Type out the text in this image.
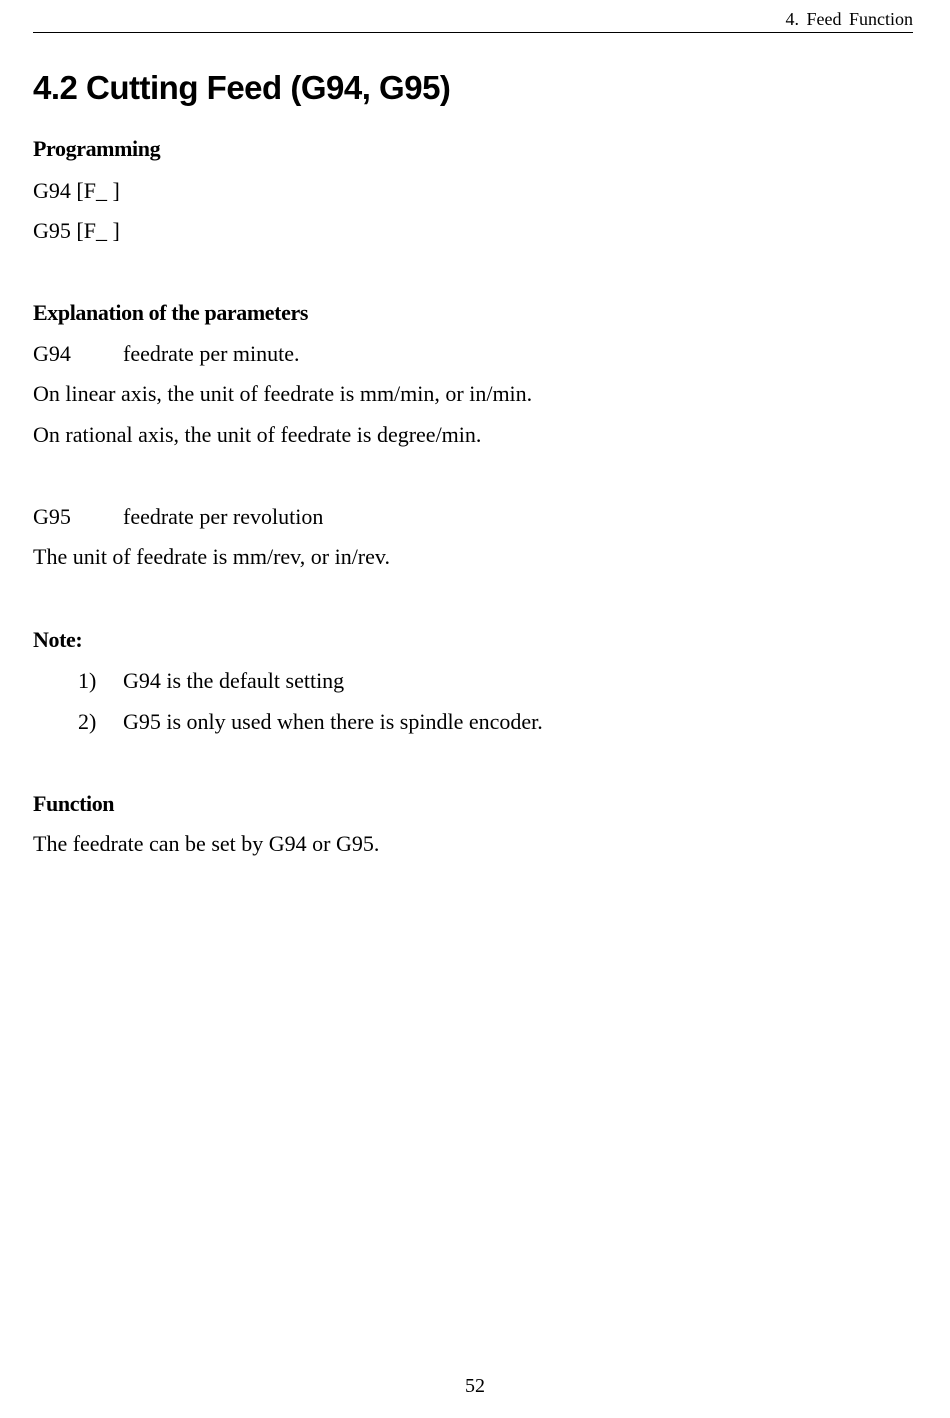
4. Feed Function
4.2 Cutting Feed (G94, G95)
Programming
G94 [F_ ]
G95 [F_ ]
Explanation of the parameters
G94 feedrate per minute.
On linear axis, the unit of feedrate is mm/min, or in/min.
On rational axis, the unit of feedrate is degree/min.
G95 feedrate per revolution
The unit of feedrate is mm/rev, or in/rev.
Note:
1) G94 is the default setting
2) G95 is only used when there is spindle encoder.
Function
The feedrate can be set by G94 or G95.
52
